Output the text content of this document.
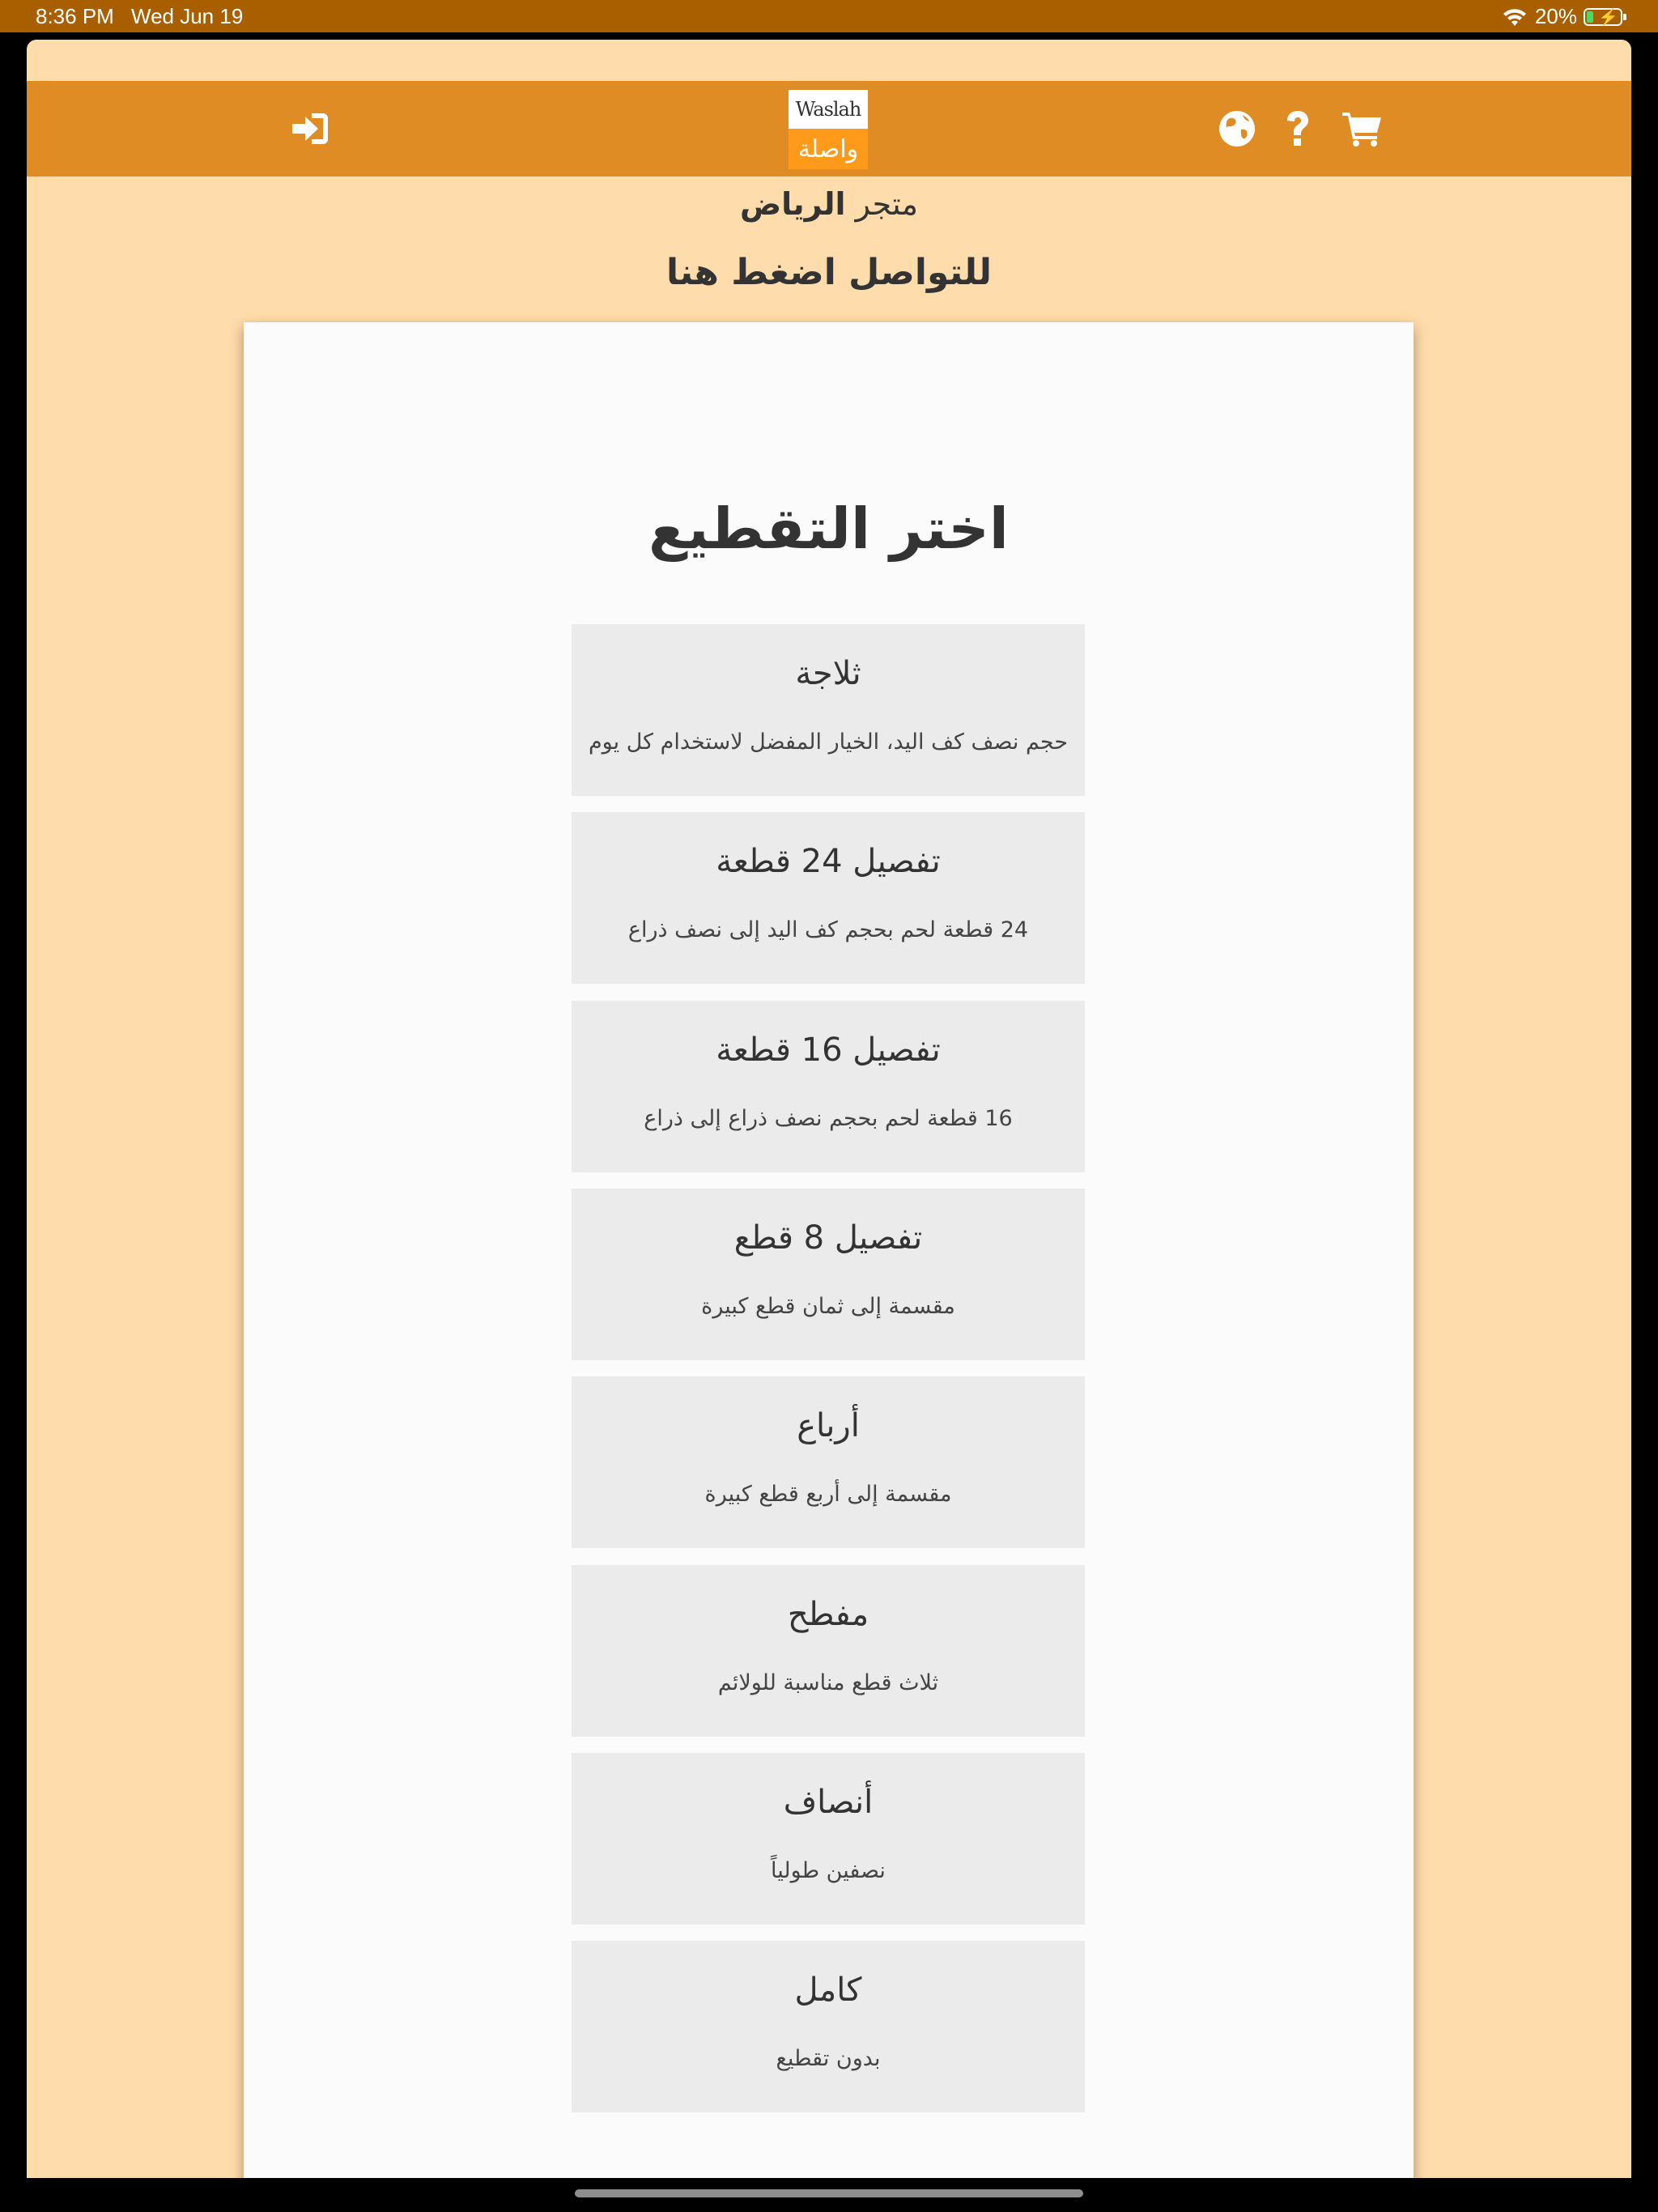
8:36 PM Wed Jun 19	20% ⚡
Waslah
واصلة
متجر الرياض
للتواصل اضغط هنا
اختر التقطيع
ثلاجة
حجم نصف كف اليد، الخيار المفضل لاستخدام كل يوم
تفصيل 24 قطعة
24 قطعة لحم بحجم كف اليد إلى نصف ذراع
تفصيل 16 قطعة
16 قطعة لحم بحجم نصف ذراع إلى ذراع
تفصيل 8 قطع
مقسمة إلى ثمان قطع كبيرة
أرباع
مقسمة إلى أربع قطع كبيرة
مفطح
ثلاث قطع مناسبة للولائم
أنصاف
نصفين طولياً
كامل
بدون تقطيع
